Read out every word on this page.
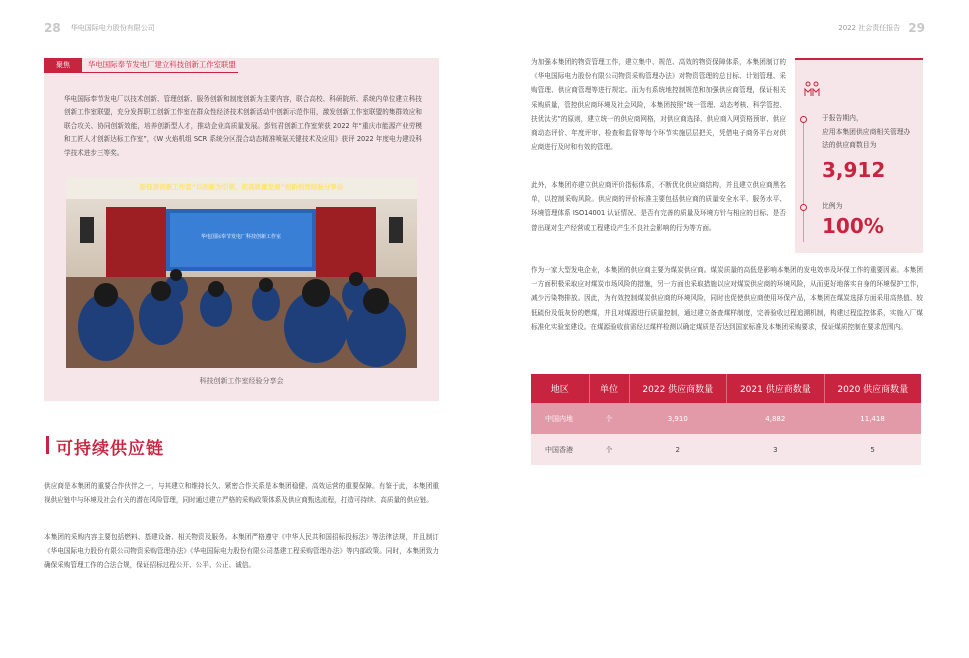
28 华电国际电力股份有限公司	2022 社会责任报告 29
聚焦	华电国际奉节发电厂建立科技创新工作室联盟

华电国际奉节发电厂以技术创新、管理创新、服务创新和制度创新为主要内容，联合高校、科研院所、系统内单位建立科技创新工作室联盟，充分发挥职工创新工作室在群众性经济技术创新活动中创新示范作用，激发创新工作室联盟的集群效应和联合攻关、协同创新效能，培养创新型人才，推动企业高质量发展。彭钰君创新工作室荣获 2022 年“重庆市能源产业劳模和工匠人才创新达标工作室”，《W 火焰机组 SCR 系统分区混合动态精准喷氨关键技术及应用》获评 2022 年度电力建设科学技术进步三等奖。

彭钰君创新工作室“以创新为引领，促高质量发展”创新创效经验分享会
华电国际奉节发电厂科技创新工作室
科技创新工作室经验分享会
可持续供应链

供应商是本集团的重要合作伙伴之一，与其建立和维持长久、紧密合作关系是本集团稳健、高效运营的重要保障。有鉴于此，本集团重视供应链中与环境及社会有关的潜在风险管理，同时通过建立严格的采购政策体系及供应商甄选流程，打造可持续、高质量的供应链。

本集团的采购内容主要包括燃料、基建设备、相关物资及服务。本集团严格遵守《中华人民共和国招标投标法》等法律法规，并且制订《华电国际电力股份有限公司物资采购管理办法》《华电国际电力股份有限公司基建工程采购管理办法》等内部政策。同时，本集团致力确保采购管理工作的合法合规，保证招标过程公开、公平、公正、诚信。

为加强本集团的物资管理工作，建立集中、规范、高效的物资保障体系，本集团制订的《华电国际电力股份有限公司物资采购管理办法》对物资管理的总目标、计划管理、采购管理、供应商管理等进行规定。而为有系统地控制规范和加强供应商管理，保证相关采购质量，管控供应商环境及社会风险，本集团按照“统一管理、动态考核、科学管控、扶优汰劣”的原则，建立统一的供应商网格，对供应商选择、供应商入网资格预审、供应商动态评价、年度评审、检查和监督等每个环节实施层层把关，凭借电子商务平台对供应商进行及时和有效的管理。

此外，本集团亦建立供应商评价指标体系，不断优化供应商结构，并且建立供应商黑名单，以控制采购风险。供应商的评价标准主要包括供应商的质量安全水平、服务水平、环境管理体系 ISO14001 认证情况、是否有完善的质量及环境方针与相应的目标、是否曾出现对生产经营或工程建设产生不良社会影响的行为等方面。

作为一家大型发电企业，本集团的供应商主要为煤炭供应商。煤炭质量的高低是影响本集团的发电效率及环保工作的重要因素。本集团一方面积极采取应对煤炭市场风险的措施，另一方面也采取措施以应对煤炭供应商的环境风险，从而更好地落实自身的环境保护工作，减少污染物排放。因此，为有效控制煤炭供应商的环境风险，同时也促使供应商使用环保产品，本集团在煤炭选择方面采用高热值、较低硫份及低灰份的燃煤，并且对煤源进行质量控制，通过建立备查煤样制度，完善验收过程追溯机制，构建过程监控体系，实施入厂煤标准化实验室建设。在煤源验收前需经过煤样检测以确定煤质是否达到国家标准及本集团采购要求，保证煤质控制在要求范围内。

于报告期内，
应用本集团供应商相关管理办法的供应商数目为
3,912
比例为
100%
地区	单位	2022 供应商数量	2021 供应商数量	2020 供应商数量
中国内地	个	3,910	4,882	11,418
中国香港	个	2	3	5
